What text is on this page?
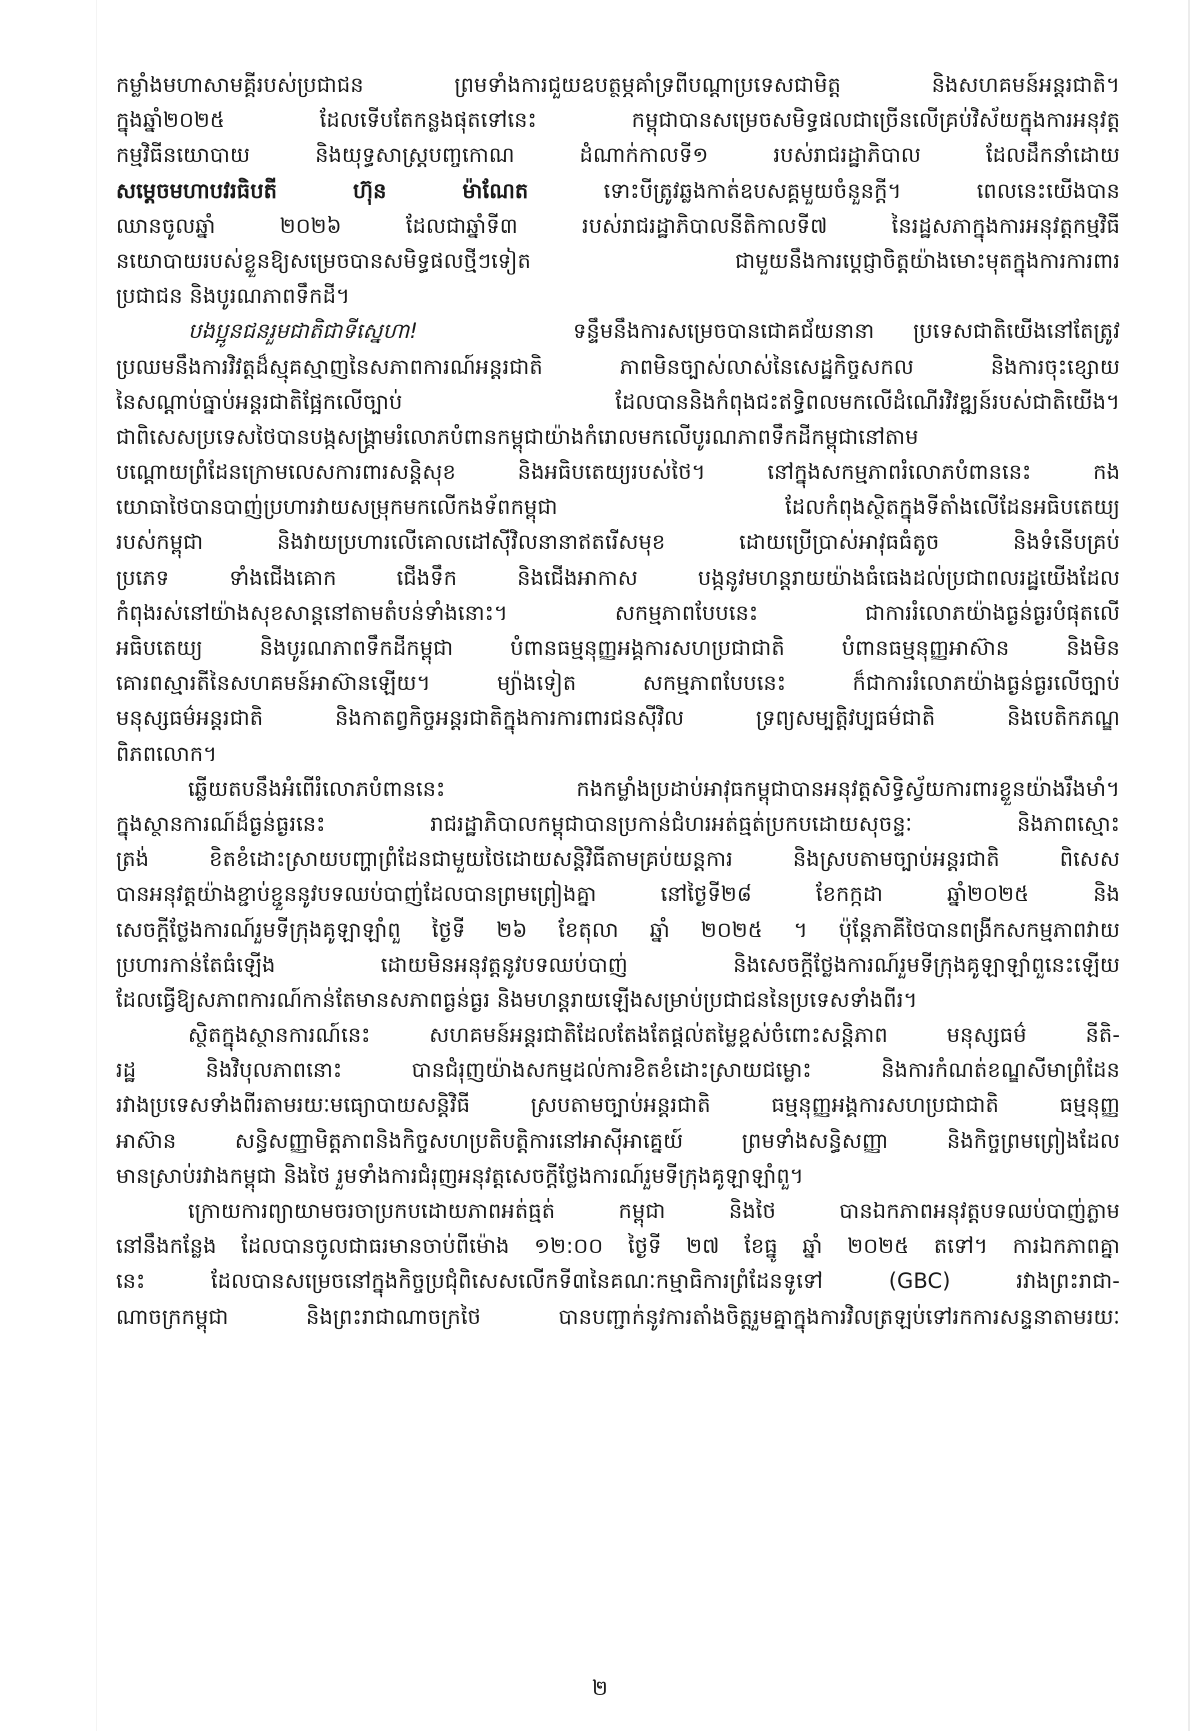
កម្លាំងមហាសាមគ្គីរបស់ប្រជាជន ព្រមទាំងការជួយឧបត្ថម្ភគាំទ្រពីបណ្ដាប្រទេសជាមិត្ត និងសហគមន៍អន្តរជាតិ។
ក្នុងឆ្នាំ២០២៥ ដែលទើបតែកន្លងផុតទៅនេះ កម្ពុជាបានសម្រេចសមិទ្ធផលជាច្រើនលើគ្រប់វិស័យក្នុងការអនុវត្ត
កម្មវិធីនយោបាយ និងយុទ្ធសាស្ត្របញ្ចកោណ ដំណាក់កាលទី១ របស់រាជរដ្ឋាភិបាល ដែលដឹកនាំដោយ
សម្ដេចមហាបវរធិបតី ហ៊ុន ម៉ាណែត ទោះបីត្រូវឆ្លងកាត់ឧបសគ្គមួយចំនួនក្ដី។ ពេលនេះយើងបាន
ឈានចូលឆ្នាំ ២០២៦ ដែលជាឆ្នាំទី៣ របស់រាជរដ្ឋាភិបាលនីតិកាលទី៧ នៃរដ្ឋសភាក្នុងការអនុវត្តកម្មវិធី
នយោបាយរបស់ខ្លួនឱ្យសម្រេចបានសមិទ្ធផលថ្មីៗទៀត ជាមួយនឹងការប្ដេជ្ញាចិត្តយ៉ាងមោះមុតក្នុងការការពារ
ប្រជាជន និងបូរណភាពទឹកដី។
បងប្អូនជនរួមជាតិជាទីស្នេហា!	ទន្ទឹមនឹងការសម្រេចបានជោគជ័យនានា ប្រទេសជាតិយើងនៅតែត្រូវ
ប្រឈមនឹងការវិវត្តដ៏ស្មុគស្មាញនៃសភាពការណ៍អន្តរជាតិ ភាពមិនច្បាស់លាស់នៃសេដ្ឋកិច្ចសកល និងការចុះខ្សោយ
នៃសណ្ដាប់ធ្នាប់អន្តរជាតិផ្អែកលើច្បាប់ ដែលបាននិងកំពុងជះឥទ្ធិពលមកលើដំណើរវិវឌ្ឍន៍របស់ជាតិយើង។
ជាពិសេសប្រទេសថៃបានបង្កសង្គ្រាមរំលោភបំពានកម្ពុជាយ៉ាងកំរោលមកលើបូរណភាពទឹកដីកម្ពុជានៅតាម
បណ្ដោយព្រំដែនក្រោមលេសការពារសន្តិសុខ និងអធិបតេយ្យរបស់ថៃ។ នៅក្នុងសកម្មភាពរំលោភបំពាននេះ កង
យោធាថៃបានបាញ់ប្រហារវាយសម្រុកមកលើកងទ័ពកម្ពុជា ដែលកំពុងស្ថិតក្នុងទីតាំងលើដែនអធិបតេយ្យ
របស់កម្ពុជា និងវាយប្រហារលើគោលដៅស៊ីវិលនានាឥតរើសមុខ ដោយប្រើប្រាស់អាវុធធំតូច និងទំនើបគ្រប់
ប្រភេទ ទាំងជើងគោក ជើងទឹក និងជើងអាកាស បង្កនូវមហន្តរាយយ៉ាងធំធេងដល់ប្រជាពលរដ្ឋយើងដែល
កំពុងរស់នៅយ៉ាងសុខសាន្តនៅតាមតំបន់ទាំងនោះ។ សកម្មភាពបែបនេះ ជាការរំលោភយ៉ាងធ្ងន់ធ្ងរបំផុតលើ
អធិបតេយ្យ និងបូរណភាពទឹកដីកម្ពុជា បំពានធម្មនុញ្ញអង្គការសហប្រជាជាតិ បំពានធម្មនុញ្ញអាស៊ាន និងមិន
គោរពស្មារតីនៃសហគមន៍អាស៊ានឡើយ។ ម្យ៉ាងទៀត សកម្មភាពបែបនេះ ក៏ជាការរំលោភយ៉ាងធ្ងន់ធ្ងរលើច្បាប់
មនុស្សធម៌អន្តរជាតិ និងកាតព្វកិច្ចអន្តរជាតិក្នុងការការពារជនស៊ីវិល ទ្រព្យសម្បត្តិវប្បធម៌ជាតិ និងបេតិកភណ្ឌ
ពិភពលោក។
ឆ្លើយតបនឹងអំពើរំលោភបំពាននេះ កងកម្លាំងប្រដាប់អាវុធកម្ពុជាបានអនុវត្តសិទ្ធិស្វ័យការពារខ្លួនយ៉ាងរឹងមាំ។
ក្នុងស្ថានការណ៍ដ៏ធ្ងន់ធ្ងរនេះ រាជរដ្ឋាភិបាលកម្ពុជាបានប្រកាន់ជំហរអត់ធ្មត់ប្រកបដោយសុចន្ទៈ និងភាពស្មោះ
ត្រង់ ខិតខំដោះស្រាយបញ្ហាព្រំដែនជាមួយថៃដោយសន្តិវិធីតាមគ្រប់យន្តការ និងស្របតាមច្បាប់អន្តរជាតិ ពិសេស
បានអនុវត្តយ៉ាងខ្ជាប់ខ្ជួននូវបទឈប់បាញ់ដែលបានព្រមព្រៀងគ្នា នៅថ្ងៃទី២៨ ខែកក្កដា ឆ្នាំ២០២៥ និង
សេចក្ដីថ្លែងការណ៍រួមទីក្រុងគូឡាឡាំពួ ថ្ងៃទី ២៦ ខែតុលា ឆ្នាំ ២០២៥ ។ ប៉ុន្តែភាគីថៃបានពង្រីកសកម្មភាពវាយ
ប្រហារកាន់តែធំឡើង ដោយមិនអនុវត្តនូវបទឈប់បាញ់ និងសេចក្ដីថ្លែងការណ៍រួមទីក្រុងគូឡាឡាំពួនេះឡើយ
ដែលធ្វើឱ្យសភាពការណ៍កាន់តែមានសភាពធ្ងន់ធ្ងរ និងមហន្តរាយឡើងសម្រាប់ប្រជាជននៃប្រទេសទាំងពីរ។
ស្ថិតក្នុងស្ថានការណ៍នេះ សហគមន៍អន្តរជាតិដែលតែងតែផ្ដល់តម្លៃខ្ពស់ចំពោះសន្តិភាព មនុស្សធម៌ នីតិ-
រដ្ឋ និងវិបុលភាពនោះ បានជំរុញយ៉ាងសកម្មដល់ការខិតខំដោះស្រាយជម្លោះ និងការកំណត់ខណ្ឌសីមាព្រំដែន
រវាងប្រទេសទាំងពីរតាមរយៈមធ្យោបាយសន្តិវិធី ស្របតាមច្បាប់អន្តរជាតិ ធម្មនុញ្ញអង្គការសហប្រជាជាតិ ធម្មនុញ្ញ
អាស៊ាន សន្ធិសញ្ញាមិត្តភាពនិងកិច្ចសហប្រតិបត្តិការនៅអាស៊ីអាគ្នេយ៍ ព្រមទាំងសន្ធិសញ្ញា និងកិច្ចព្រមព្រៀងដែល
មានស្រាប់រវាងកម្ពុជា និងថៃ រួមទាំងការជំរុញអនុវត្តសេចក្ដីថ្លែងការណ៍រួមទីក្រុងគូឡាឡាំពួ។
ក្រោយការព្យាយាមចរចាប្រកបដោយភាពអត់ធ្មត់ កម្ពុជា និងថៃ បានឯកភាពអនុវត្តបទឈប់បាញ់ភ្លាម
នៅនឹងកន្លែង ដែលបានចូលជាធរមានចាប់ពីម៉ោង ១២:០០ ថ្ងៃទី ២៧ ខែធ្នូ ឆ្នាំ ២០២៥ តទៅ។ ការឯកភាពគ្នា
នេះ ដែលបានសម្រេចនៅក្នុងកិច្ចប្រជុំពិសេសលើកទី៣នៃគណៈកម្មាធិការព្រំដែនទូទៅ (GBC) រវាងព្រះរាជា-
ណាចក្រកម្ពុជា និងព្រះរាជាណាចក្រថៃ បានបញ្ជាក់នូវការតាំងចិត្តរួមគ្នាក្នុងការវិលត្រឡប់ទៅរកការសន្ទនាតាមរយៈ
២
